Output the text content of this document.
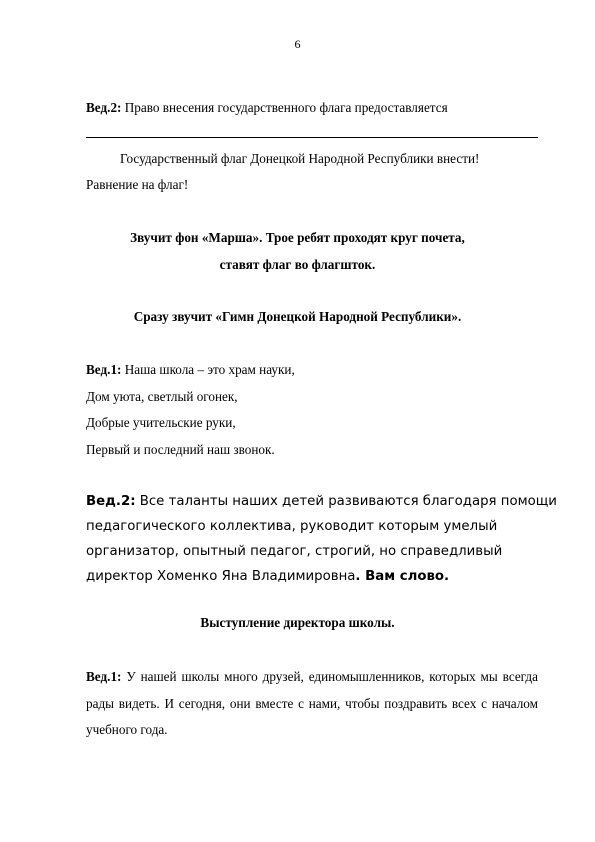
6
Вед.2: Право внесения государственного флага предоставляется
Государственный флаг Донецкой Народной Республики внести!
Равнение на флаг!
Звучит фон «Марша». Трое ребят проходят круг почета,
ставят флаг во флагшток.
Сразу звучит «Гимн Донецкой Народной Республики».
Вед.1: Наша школа – это храм науки,
Дом уюта, светлый огонек,
Добрые учительские руки,
Первый и последний наш звонок.
Вед.2: Все таланты наших детей развиваются благодаря помощи
педагогического коллектива, руководит которым умелый
организатор, опытный педагог, строгий, но справедливый
директор Хоменко Яна Владимировна. Вам слово.
Выступление директора школы.
Вед.1: У нашей школы много друзей, единомышленников, которых мы всегда
рады видеть. И сегодня, они вместе с нами, чтобы поздравить всех с началом
учебного года.
